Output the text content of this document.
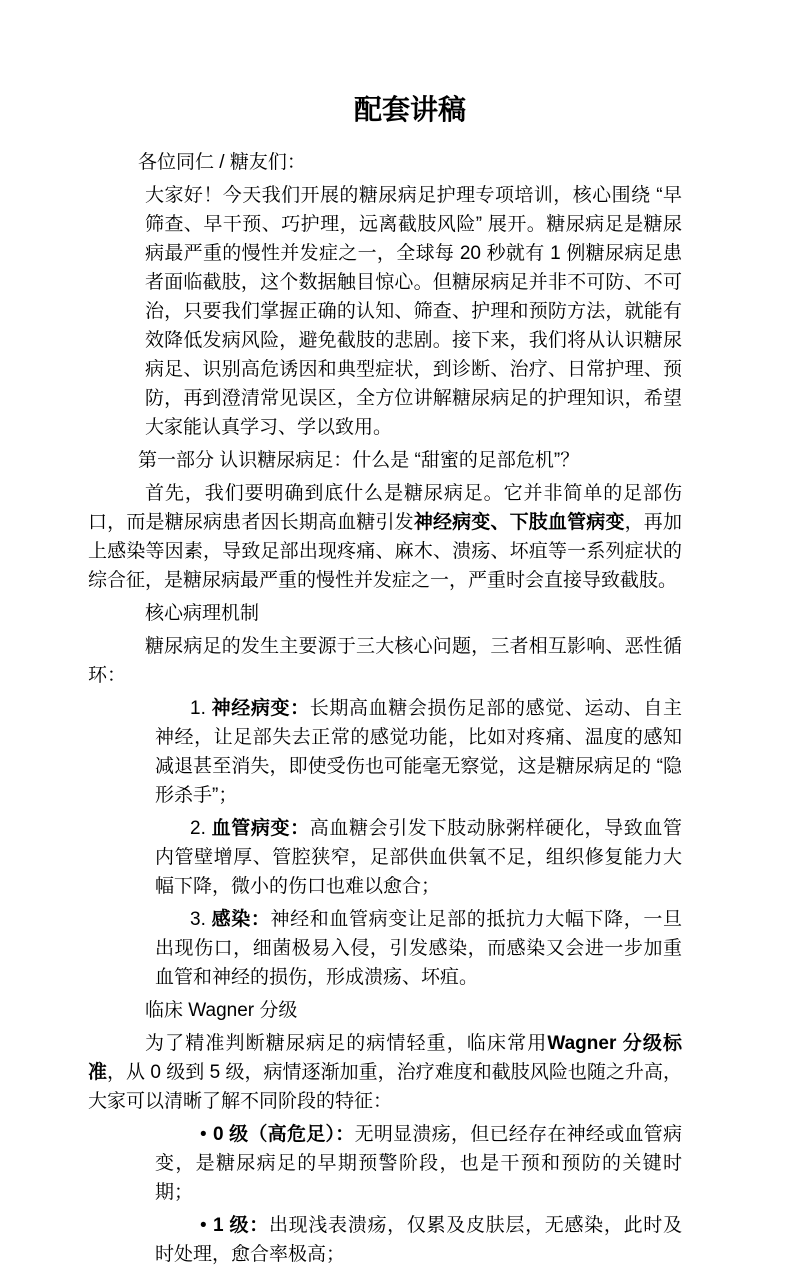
配套讲稿

各位同仁 / 糖友们：

大家好！今天我们开展的糖尿病足护理专项培训，核心围绕 “早筛查、早干预、巧护理，远离截肢风险” 展开。糖尿病足是糖尿病最严重的慢性并发症之一，全球每 20 秒就有 1 例糖尿病足患者面临截肢，这个数据触目惊心。但糖尿病足并非不可防、不可治，只要我们掌握正确的认知、筛查、护理和预防方法，就能有效降低发病风险，避免截肢的悲剧。接下来，我们将从认识糖尿病足、识别高危诱因和典型症状，到诊断、治疗、日常护理、预防，再到澄清常见误区，全方位讲解糖尿病足的护理知识，希望大家能认真学习、学以致用。

第一部分 认识糖尿病足：什么是 “甜蜜的足部危机”？

首先，我们要明确到底什么是糖尿病足。它并非简单的足部伤口，而是糖尿病患者因长期高血糖引发神经病变、下肢血管病变，再加上感染等因素，导致足部出现疼痛、麻木、溃疡、坏疽等一系列症状的综合征，是糖尿病最严重的慢性并发症之一，严重时会直接导致截肢。

核心病理机制

糖尿病足的发生主要源于三大核心问题，三者相互影响、恶性循环：

1. 神经病变：长期高血糖会损伤足部的感觉、运动、自主神经，让足部失去正常的感觉功能，比如对疼痛、温度的感知减退甚至消失，即使受伤也可能毫无察觉，这是糖尿病足的 “隐形杀手”；

2. 血管病变：高血糖会引发下肢动脉粥样硬化，导致血管内管壁增厚、管腔狭窄，足部供血供氧不足，组织修复能力大幅下降，微小的伤口也难以愈合；

3. 感染：神经和血管病变让足部的抵抗力大幅下降，一旦出现伤口，细菌极易入侵，引发感染，而感染又会进一步加重血管和神经的损伤，形成溃疡、坏疽。

临床 Wagner 分级

为了精准判断糖尿病足的病情轻重，临床常用Wagner 分级标准，从 0 级到 5 级，病情逐渐加重，治疗难度和截肢风险也随之升高，大家可以清晰了解不同阶段的特征：

• 0 级（高危足）：无明显溃疡，但已经存在神经或血管病变，是糖尿病足的早期预警阶段，也是干预和预防的关键时期；

• 1 级：出现浅表溃疡，仅累及皮肤层，无感染，此时及时处理，愈合率极高；
